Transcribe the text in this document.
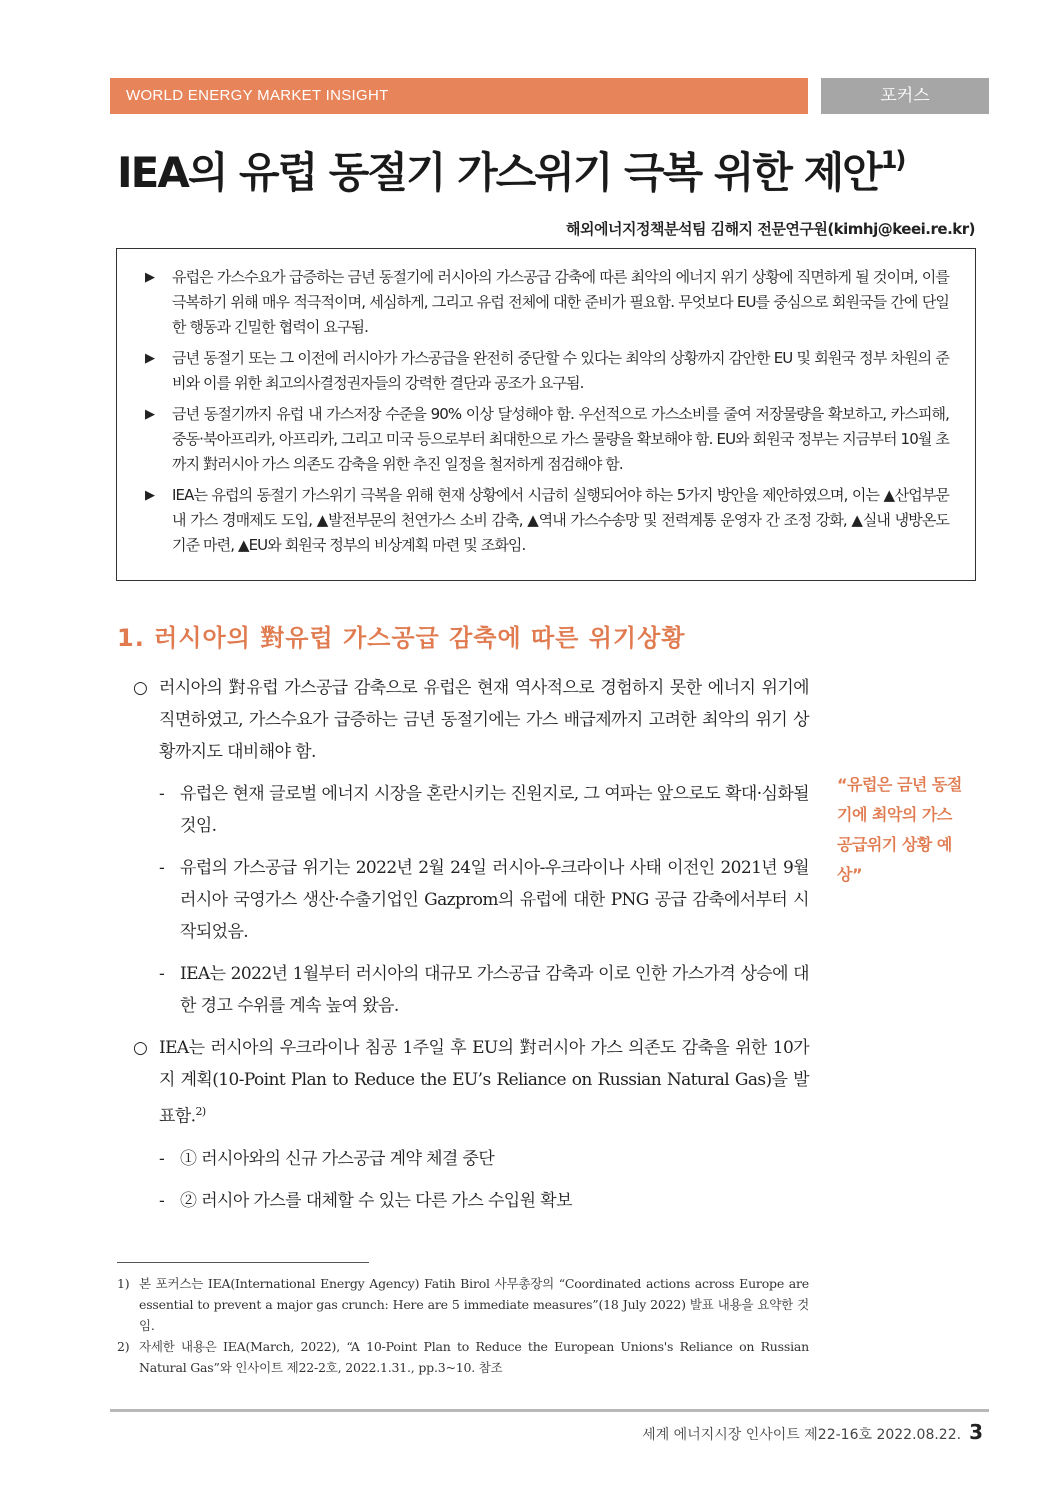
WORLD ENERGY MARKET INSIGHT	포커스
IEA의 유럽 동절기 가스위기 극복 위한 제안$^{1)}$
해외에너지정책분석팀 김해지 전문연구원(kimhj@keei.re.kr)
▶ 유럽은 가스수요가 급증하는 금년 동절기에 러시아의 가스공급 감축에 따른 최악의 에너지 위기 상황에 직면하게 될 것이며, 이를 극복하기 위해 매우 적극적이며, 세심하게, 그리고 유럽 전체에 대한 준비가 필요함. 무엇보다 EU를 중심으로 회원국들 간에 단일한 행동과 긴밀한 협력이 요구됨.
▶ 금년 동절기 또는 그 이전에 러시아가 가스공급을 완전히 중단할 수 있다는 최악의 상황까지 감안한 EU 및 회원국 정부 차원의 준비와 이를 위한 최고의사결정권자들의 강력한 결단과 공조가 요구됨.
▶ 금년 동절기까지 유럽 내 가스저장 수준을 90% 이상 달성해야 함. 우선적으로 가스소비를 줄여 저장물량을 확보하고, 카스피해, 중동·북아프리카, 아프리카, 그리고 미국 등으로부터 최대한으로 가스 물량을 확보해야 함. EU와 회원국 정부는 지금부터 10월 초까지 對러시아 가스 의존도 감축을 위한 추진 일정을 철저하게 점검해야 함.
▶ IEA는 유럽의 동절기 가스위기 극복을 위해 현재 상황에서 시급히 실행되어야 하는 5가지 방안을 제안하였으며, 이는 ▲산업부문 내 가스 경매제도 도입, ▲발전부문의 천연가스 소비 감축, ▲역내 가스수송망 및 전력계통 운영자 간 조정 강화, ▲실내 냉방온도 기준 마련, ▲EU와 회원국 정부의 비상계획 마련 및 조화임.
1. 러시아의 對유럽 가스공급 감축에 따른 위기상황
○ 러시아의 對유럽 가스공급 감축으로 유럽은 현재 역사적으로 경험하지 못한 에너지 위기에 직면하였고, 가스수요가 급증하는 금년 동절기에는 가스 배급제까지 고려한 최악의 위기 상황까지도 대비해야 함.
- 유럽은 현재 글로벌 에너지 시장을 혼란시키는 진원지로, 그 여파는 앞으로도 확대·심화될 것임.
- 유럽의 가스공급 위기는 2022년 2월 24일 러시아-우크라이나 사태 이전인 2021년 9월 러시아 국영가스 생산·수출기업인 Gazprom의 유럽에 대한 PNG 공급 감축에서부터 시작되었음.
- IEA는 2022년 1월부터 러시아의 대규모 가스공급 감축과 이로 인한 가스가격 상승에 대한 경고 수위를 계속 높여 왔음.
○ IEA는 러시아의 우크라이나 침공 1주일 후 EU의 對러시아 가스 의존도 감축을 위한 10가지 계획(10-Point Plan to Reduce the EU’s Reliance on Russian Natural Gas)을 발표함.$^{2)}$
- ① 러시아와의 신규 가스공급 계약 체결 중단
- ② 러시아 가스를 대체할 수 있는 다른 가스 수입원 확보
“유럽은 금년 동절기에 최악의 가스 공급위기 상황 예상”
1) 본 포커스는 IEA(International Energy Agency) Fatih Birol 사무총장의 “Coordinated actions across Europe are essential to prevent a major gas crunch: Here are 5 immediate measures”(18 July 2022) 발표 내용을 요약한 것임.
2) 자세한 내용은 IEA(March, 2022), “A 10-Point Plan to Reduce the European Unions's Reliance on Russian Natural Gas”와 인사이트 제22-2호, 2022.1.31., pp.3~10. 참조
세계 에너지시장 인사이트 제22-16호 2022.08.22. 3
